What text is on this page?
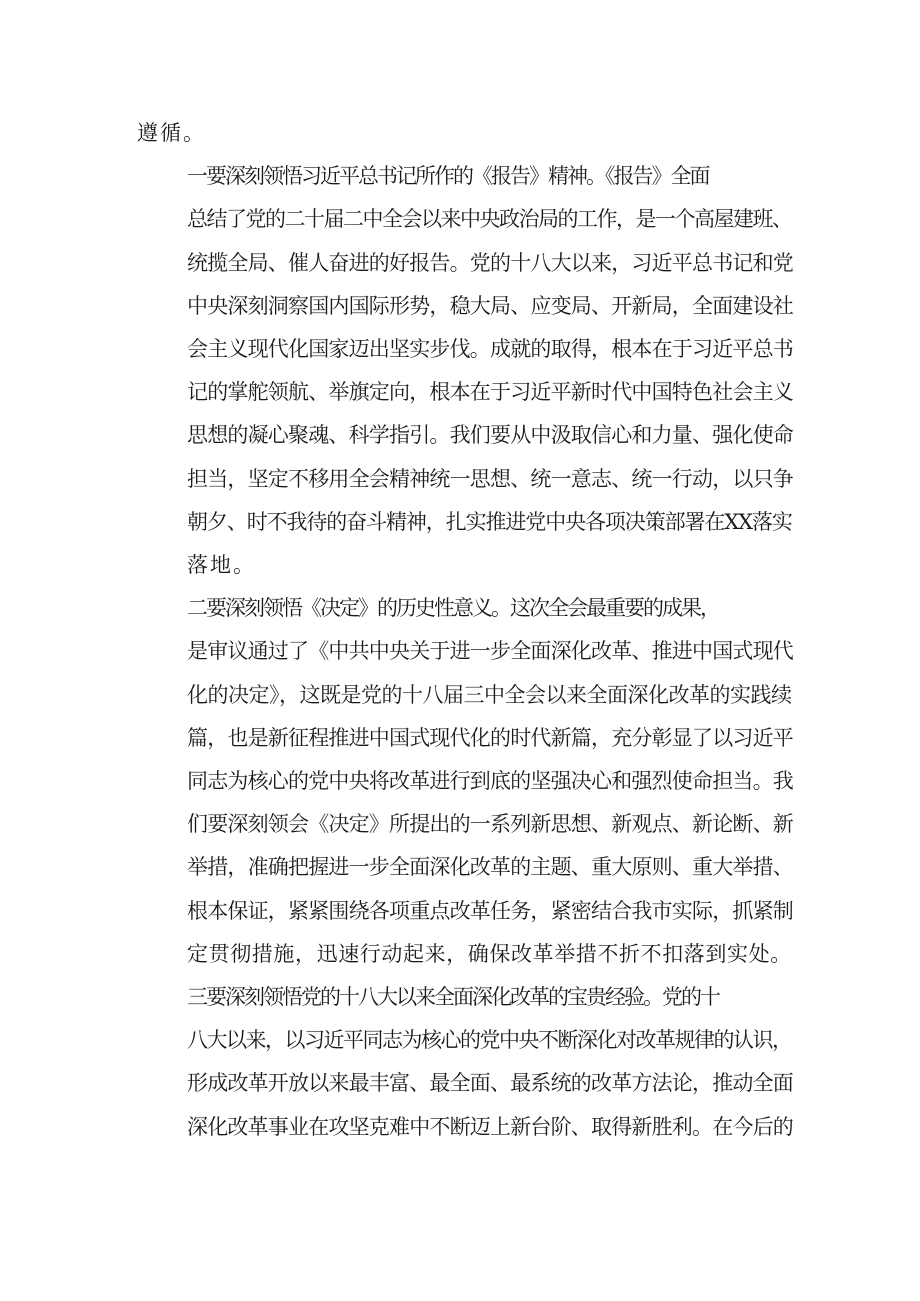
遵循。
一要深刻领悟习近平总书记所作的《报告》精神。《报告》全面
总结了党的二十届二中全会以来中央政治局的工作，是一个高屋建班、
统揽全局、催人奋进的好报告。党的十八大以来，习近平总书记和党
中央深刻洞察国内国际形势，稳大局、应变局、开新局，全面建设社
会主义现代化国家迈出坚实步伐。成就的取得，根本在于习近平总书
记的掌舵领航、举旗定向，根本在于习近平新时代中国特色社会主义
思想的凝心聚魂、科学指引。我们要从中汲取信心和力量、强化使命
担当，坚定不移用全会精神统一思想、统一意志、统一行动，以只争
朝夕、时不我待的奋斗精神，扎实推进党中央各项决策部署在XX落实
落地。
二要深刻领悟《决定》的历史性意义。这次全会最重要的成果，
是审议通过了《中共中央关于进一步全面深化改革、推进中国式现代
化的决定》，这既是党的十八届三中全会以来全面深化改革的实践续
篇，也是新征程推进中国式现代化的时代新篇，充分彰显了以习近平
同志为核心的党中央将改革进行到底的坚强决心和强烈使命担当。我
们要深刻领会《决定》所提出的一系列新思想、新观点、新论断、新
举措，准确把握进一步全面深化改革的主题、重大原则、重大举措、
根本保证，紧紧围绕各项重点改革任务，紧密结合我市实际，抓紧制
定贯彻措施，迅速行动起来，确保改革举措不折不扣落到实处。
三要深刻领悟党的十八大以来全面深化改革的宝贵经验。党的十
八大以来，以习近平同志为核心的党中央不断深化对改革规律的认识，
形成改革开放以来最丰富、最全面、最系统的改革方法论，推动全面
深化改革事业在攻坚克难中不断迈上新台阶、取得新胜利。在今后的
